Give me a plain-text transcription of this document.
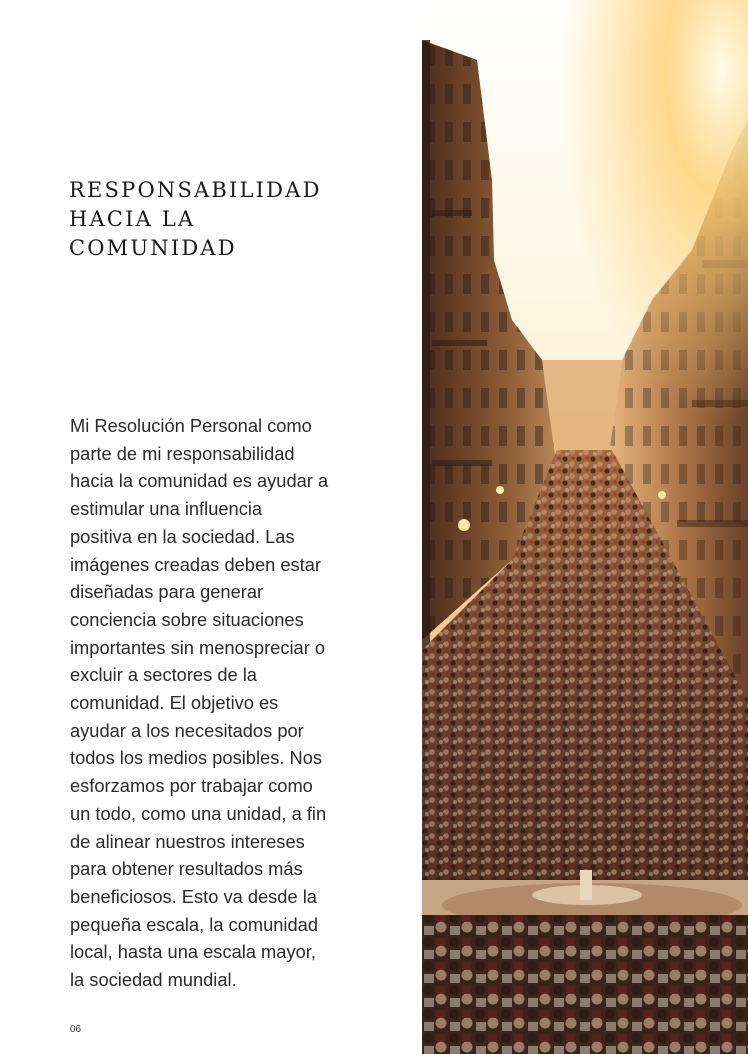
RESPONSABILIDAD
HACIA LA
COMUNIDAD

Mi Resolución Personal como
parte de mi responsabilidad
hacia la comunidad es ayudar a
estimular una influencia
positiva en la sociedad. Las
imágenes creadas deben estar
diseñadas para generar
conciencia sobre situaciones
importantes sin menospreciar o
excluir a sectores de la
comunidad. El objetivo es
ayudar a los necesitados por
todos los medios posibles. Nos
esforzamos por trabajar como
un todo, como una unidad, a fin
de alinear nuestros intereses
para obtener resultados más
beneficiosos. Esto va desde la
pequeña escala, la comunidad
local, hasta una escala mayor,
la sociedad mundial.

06
